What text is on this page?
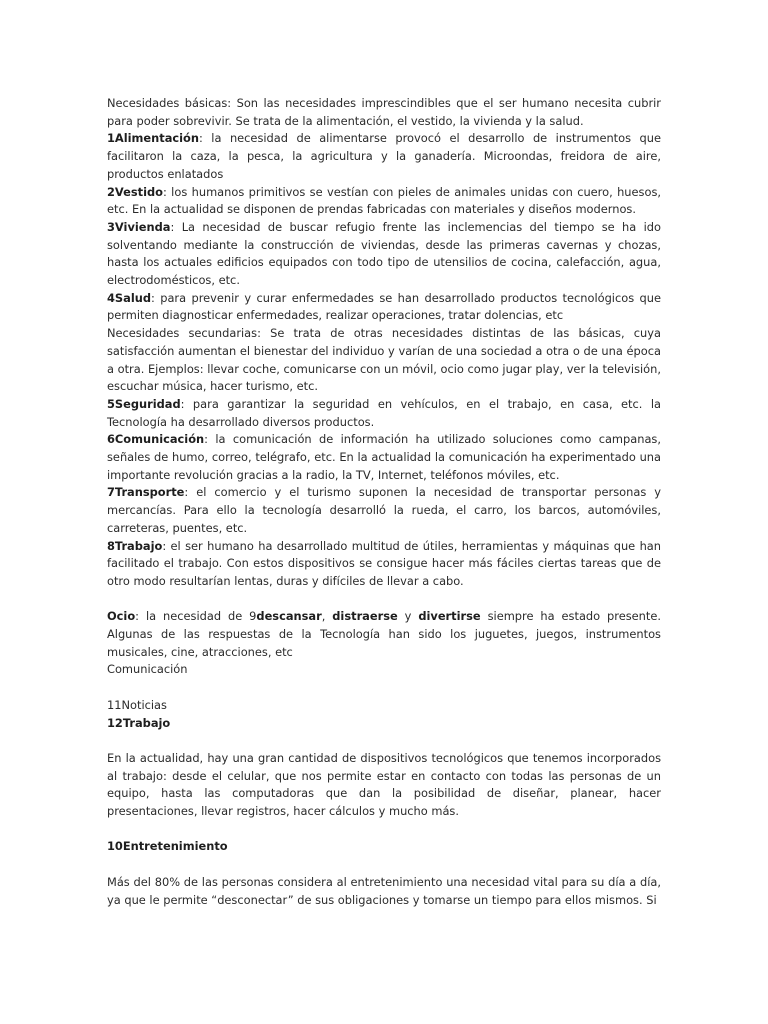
Necesidades básicas: Son las necesidades imprescindibles que el ser humano necesita cubrir para poder sobrevivir. Se trata de la alimentación, el vestido, la vivienda y la salud.

1Alimentación: la necesidad de alimentarse provocó el desarrollo de instrumentos que facilitaron la caza, la pesca, la agricultura y la ganadería. Microondas, freidora de aire, productos enlatados

2Vestido: los humanos primitivos se vestían con pieles de animales unidas con cuero, huesos, etc. En la actualidad se disponen de prendas fabricadas con materiales y diseños modernos.

3Vivienda: La necesidad de buscar refugio frente las inclemencias del tiempo se ha ido solventando mediante la construcción de viviendas, desde las primeras cavernas y chozas, hasta los actuales edificios equipados con todo tipo de utensilios de cocina, calefacción, agua, electrodomésticos, etc.

4Salud: para prevenir y curar enfermedades se han desarrollado productos tecnológicos que permiten diagnosticar enfermedades, realizar operaciones, tratar dolencias, etc

Necesidades secundarias: Se trata de otras necesidades distintas de las básicas, cuya satisfacción aumentan el bienestar del individuo y varían de una sociedad a otra o de una época a otra. Ejemplos: llevar coche, comunicarse con un móvil, ocio como jugar play, ver la televisión, escuchar música, hacer turismo, etc.

5Seguridad: para garantizar la seguridad en vehículos, en el trabajo, en casa, etc. la Tecnología ha desarrollado diversos productos.

6Comunicación: la comunicación de información ha utilizado soluciones como campanas, señales de humo, correo, telégrafo, etc. En la actualidad la comunicación ha experimentado una importante revolución gracias a la radio, la TV, Internet, teléfonos móviles, etc.

7Transporte: el comercio y el turismo suponen la necesidad de transportar personas y mercancías. Para ello la tecnología desarrolló la rueda, el carro, los barcos, automóviles, carreteras, puentes, etc.

8Trabajo: el ser humano ha desarrollado multitud de útiles, herramientas y máquinas que han facilitado el trabajo. Con estos dispositivos se consigue hacer más fáciles ciertas tareas que de otro modo resultarían lentas, duras y difíciles de llevar a cabo.

Ocio: la necesidad de 9descansar, distraerse y divertirse siempre ha estado presente. Algunas de las respuestas de la Tecnología han sido los juguetes, juegos, instrumentos musicales, cine, atracciones, etc

Comunicación

11Noticias

12Trabajo

En la actualidad, hay una gran cantidad de dispositivos tecnológicos que tenemos incorporados al trabajo: desde el celular, que nos permite estar en contacto con todas las personas de un equipo, hasta las computadoras que dan la posibilidad de diseñar, planear, hacer presentaciones, llevar registros, hacer cálculos y mucho más.

10Entretenimiento

Más del 80% de las personas considera al entretenimiento una necesidad vital para su día a día, ya que le permite “desconectar” de sus obligaciones y tomarse un tiempo para ellos mismos. Si
